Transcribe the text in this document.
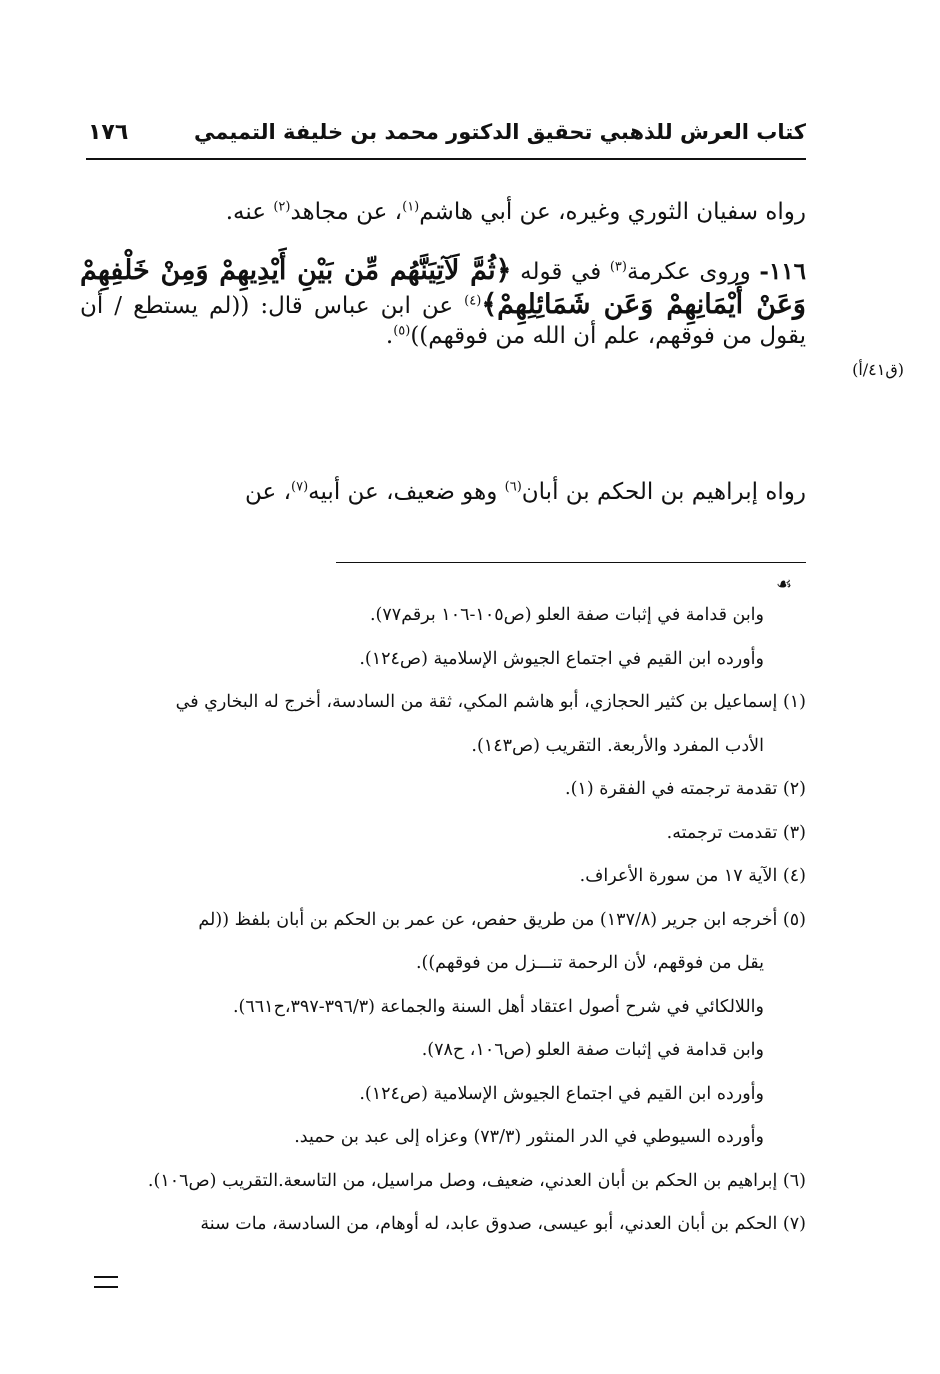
كتاب العرش للذهبي تحقيق الدكتور محمد بن خليفة التميمي
١٧٦

رواه سفيان الثوري وغيره، عن أبي هاشم$^{(١)}$، عن مجاهد$^{(٢)}$ عنه.

١١٦- وروى عكرمة$^{(٣)}$ في قوله ﴿ثُمَّ لَآتِيَنَّهُم مِّن بَيْنِ أَيْدِيهِمْ وَمِنْ خَلْفِهِمْ وَعَنْ أَيْمَانِهِمْ وَعَن شَمَائِلِهِمْ﴾$^{(٤)}$ عن ابن عباس قال: ((لم يستطع / أن يقول من فوقهم، علم أن الله من فوقهم))$^{(٥)}$.

رواه إبراهيم بن الحكم بن أبان$^{(٦)}$ وهو ضعيف، عن أبيه$^{(٧)}$، عن

(ق٤١/أ)
☙
وابن قدامة في إثبات صفة العلو (ص١٠٥-١٠٦ برقم٧٧).
وأورده ابن القيم في اجتماع الجيوش الإسلامية (ص١٢٤).
(١) إسماعيل بن كثير الحجازي، أبو هاشم المكي، ثقة من السادسة، أخرج له البخاري في
الأدب المفرد والأربعة. التقريب (ص١٤٣).
(٢) تقدمة ترجمته في الفقرة (١).
(٣) تقدمت ترجمته.
(٤) الآية ١٧ من سورة الأعراف.
(٥) أخرجه ابن جرير (١٣٧/٨) من طريق حفص، عن عمر بن الحكم بن أبان بلفظ ((لم
يقل من فوقهم، لأن الرحمة تنـــزل من فوقهم)).
واللالكائي في شرح أصول اعتقاد أهل السنة والجماعة (٣٩٦/٣-٣٩٧،ح٦٦١).
وابن قدامة في إثبات صفة العلو (ص١٠٦، ح٧٨).
وأورده ابن القيم في اجتماع الجيوش الإسلامية (ص١٢٤).
وأورده السيوطي في الدر المنثور (٧٣/٣) وعزاه إلى عبد بن حميد.
(٦) إبراهيم بن الحكم بن أبان العدني، ضعيف، وصل مراسيل، من التاسعة.التقريب (ص١٠٦).
(٧) الحكم بن أبان العدني، أبو عيسى، صدوق عابد، له أوهام، من السادسة، مات سنة
